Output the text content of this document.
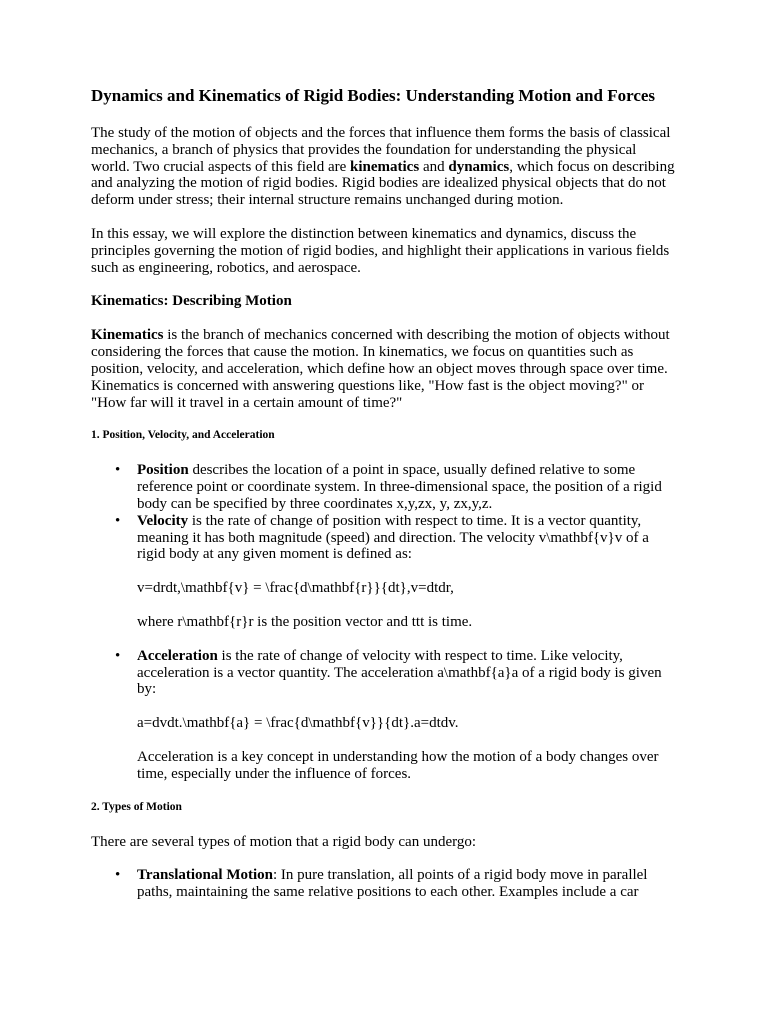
Dynamics and Kinematics of Rigid Bodies: Understanding Motion and Forces

The study of the motion of objects and the forces that influence them forms the basis of classical mechanics, a branch of physics that provides the foundation for understanding the physical world. Two crucial aspects of this field are kinematics and dynamics, which focus on describing and analyzing the motion of rigid bodies. Rigid bodies are idealized physical objects that do not deform under stress; their internal structure remains unchanged during motion.

In this essay, we will explore the distinction between kinematics and dynamics, discuss the principles governing the motion of rigid bodies, and highlight their applications in various fields such as engineering, robotics, and aerospace.

Kinematics: Describing Motion

Kinematics is the branch of mechanics concerned with describing the motion of objects without considering the forces that cause the motion. In kinematics, we focus on quantities such as position, velocity, and acceleration, which define how an object moves through space over time. Kinematics is concerned with answering questions like, "How fast is the object moving?" or "How far will it travel in a certain amount of time?"

1. Position, Velocity, and Acceleration
• Position describes the location of a point in space, usually defined relative to some reference point or coordinate system. In three-dimensional space, the position of a rigid body can be specified by three coordinates x,y,zx, y, zx,y,z.
• Velocity is the rate of change of position with respect to time. It is a vector quantity, meaning it has both magnitude (speed) and direction. The velocity v\mathbf{v}v of a rigid body at any given moment is defined as:

v=drdt,\mathbf{v} = \frac{d\mathbf{r}}{dt},v=dtdr,

where r\mathbf{r}r is the position vector and ttt is time.

• Acceleration is the rate of change of velocity with respect to time. Like velocity, acceleration is a vector quantity. The acceleration a\mathbf{a}a of a rigid body is given by:

a=dvdt.\mathbf{a} = \frac{d\mathbf{v}}{dt}.a=dtdv.

Acceleration is a key concept in understanding how the motion of a body changes over time, especially under the influence of forces.

2. Types of Motion

There are several types of motion that a rigid body can undergo:

• Translational Motion: In pure translation, all points of a rigid body move in parallel paths, maintaining the same relative positions to each other. Examples include a car
